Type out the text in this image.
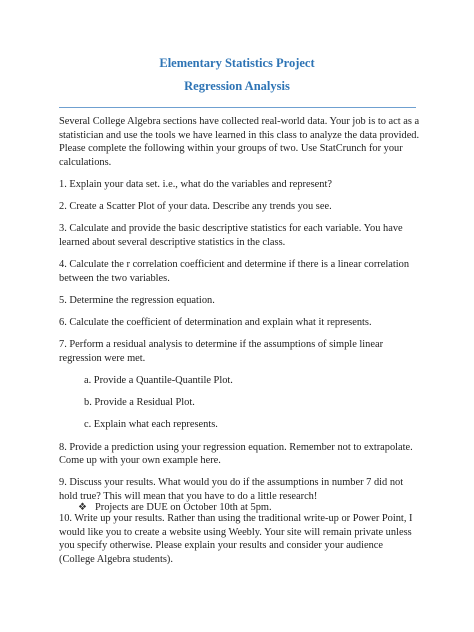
Elementary Statistics Project
Regression Analysis

Several College Algebra sections have collected real-world data. Your job is to act as a statistician and use the tools we have learned in this class to analyze the data provided. Please complete the following within your groups of two. Use StatCrunch for your calculations.

1. Explain your data set. i.e., what do the variables and represent?

2. Create a Scatter Plot of your data. Describe any trends you see.

3. Calculate and provide the basic descriptive statistics for each variable. You have learned about several descriptive statistics in the class.

4. Calculate the r correlation coefficient and determine if there is a linear correlation between the two variables.

5. Determine the regression equation.

6. Calculate the coefficient of determination and explain what it represents.

7. Perform a residual analysis to determine if the assumptions of simple linear regression were met.

a. Provide a Quantile-Quantile Plot.

b. Provide a Residual Plot.

c. Explain what each represents.

8. Provide a prediction using your regression equation. Remember not to extrapolate. Come up with your own example here.

9. Discuss your results. What would you do if the assumptions in number 7 did not hold true? This will mean that you have to do a little research!

10. Write up your results. Rather than using the traditional write-up or Power Point, I would like you to create a website using Weebly. Your site will remain private unless you specify otherwise. Please explain your results and consider your audience (College Algebra students).

❖ Projects are DUE on October 10th at 5pm.
